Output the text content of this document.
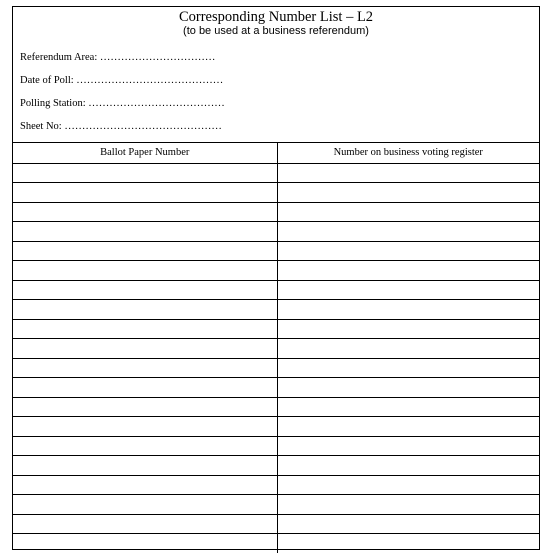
Corresponding Number List – L2
(to be used at a business referendum)
Referendum Area: ……………………………
Date of Poll: ……………………………………
Polling Station: …………………………………
Sheet No: ………………………………………
Ballot Paper Number	Number on business voting register
